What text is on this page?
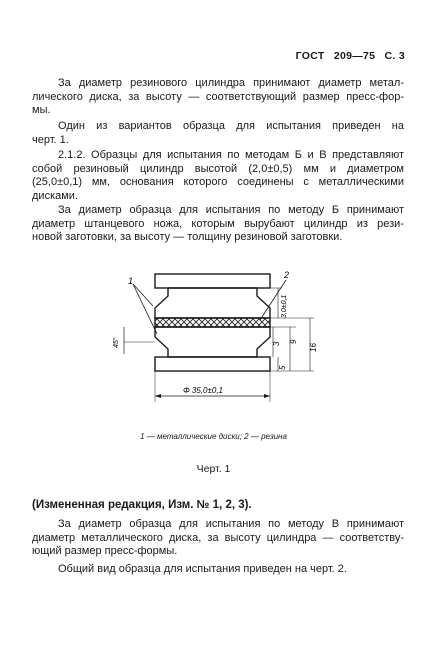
ГОСТ 209—75 С. 3
За диаметр резинового цилиндра принимают диаметр метал-
лического диска, за высоту — соответствующий размер пресс-фор-
мы.
Один из вариантов образца для испытания приведен на
черт. 1.
2.1.2. Образцы для испытания по методам Б и В представляют
собой резиновый цилиндр высотой (2,0±0,5) мм и диаметром
(25,0±0,1) мм, основания которого соединены с металлическими
дисками.
За диаметр образца для испытания по методу Б принимают
диаметр штанцевого ножа, которым вырубают цилиндр из рези-
новой заготовки, за высоту — толщину резиновой заготовки.
1
2
45°
3,0±0,1
3 9
16
5
Φ 35,0±0,1
1 — металлические диски; 2 — резина
Черт. 1
(Измененная редакция, Изм. № 1, 2, 3).
За диаметр образца для испытания по методу В принимают
диаметр металлического диска, за высоту цилиндра — соответству-
ющий размер пресс-формы.
Общий вид образца для испытания приведен на черт. 2.
